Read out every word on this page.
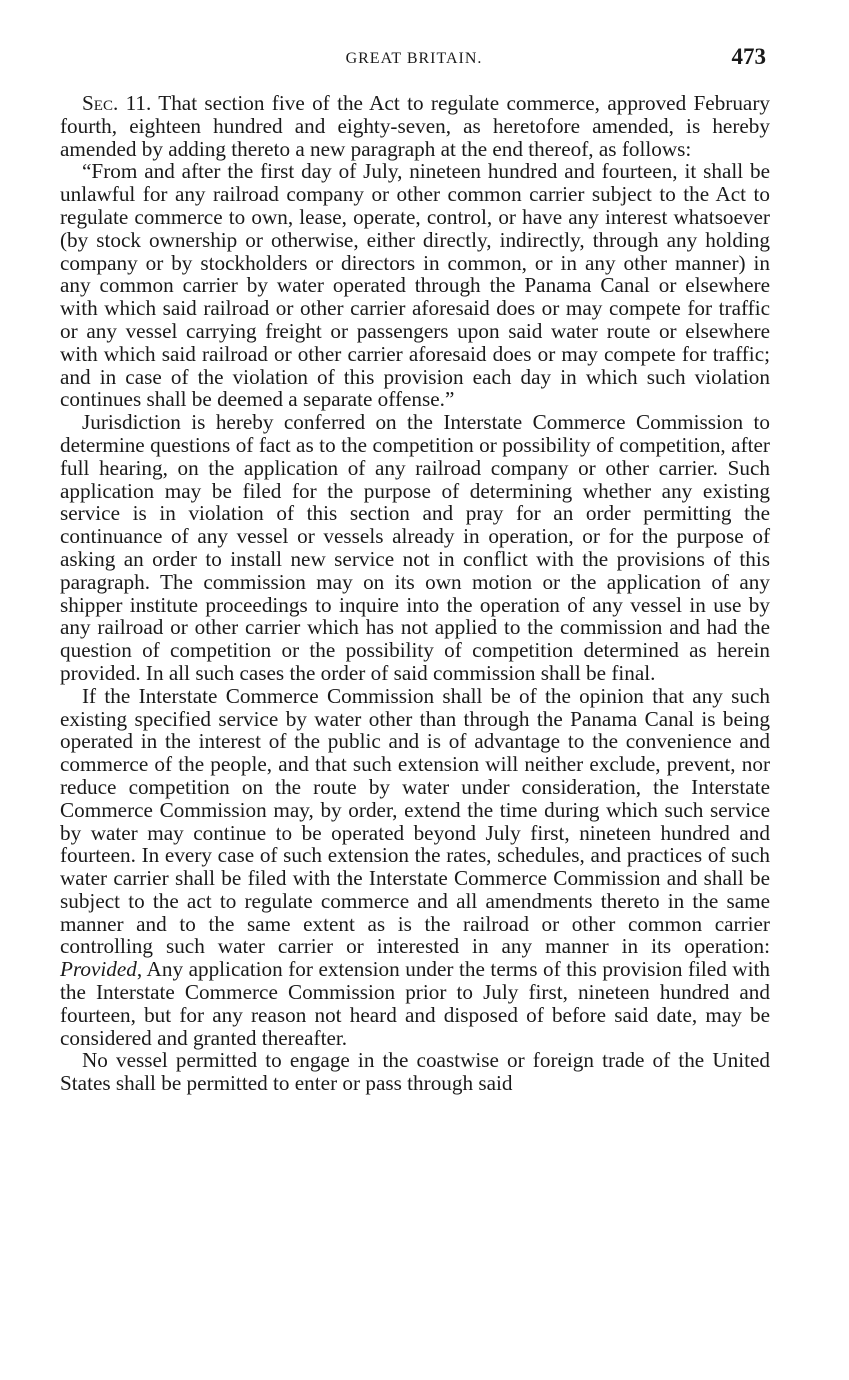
GREAT BRITAIN.	473

Sec. 11. That section five of the Act to regulate commerce, approved February fourth, eighteen hundred and eighty-seven, as heretofore amended, is hereby amended by adding thereto a new paragraph at the end thereof, as follows:

“From and after the first day of July, nineteen hundred and fourteen, it shall be unlawful for any railroad company or other common carrier subject to the Act to regulate commerce to own, lease, operate, control, or have any interest whatsoever (by stock ownership or otherwise, either directly, indirectly, through any holding company or by stockholders or directors in common, or in any other manner) in any common carrier by water operated through the Panama Canal or elsewhere with which said railroad or other carrier aforesaid does or may compete for traffic or any vessel carrying freight or passengers upon said water route or elsewhere with which said railroad or other carrier aforesaid does or may compete for traffic; and in case of the violation of this provision each day in which such violation continues shall be deemed a separate offense.”

Jurisdiction is hereby conferred on the Interstate Commerce Commission to determine questions of fact as to the competition or possibility of competition, after full hearing, on the application of any railroad company or other carrier. Such application may be filed for the purpose of determining whether any existing service is in violation of this section and pray for an order permitting the continuance of any vessel or vessels already in operation, or for the purpose of asking an order to install new service not in conflict with the provisions of this paragraph. The commission may on its own motion or the application of any shipper institute proceedings to inquire into the operation of any vessel in use by any railroad or other carrier which has not applied to the commission and had the question of competition or the possibility of competition determined as herein provided. In all such cases the order of said commission shall be final.

If the Interstate Commerce Commission shall be of the opinion that any such existing specified service by water other than through the Panama Canal is being operated in the interest of the public and is of advantage to the convenience and commerce of the people, and that such extension will neither exclude, prevent, nor reduce competition on the route by water under consideration, the Interstate Commerce Commission may, by order, extend the time during which such service by water may continue to be operated beyond July first, nineteen hundred and fourteen. In every case of such extension the rates, schedules, and practices of such water carrier shall be filed with the Interstate Commerce Commission and shall be subject to the act to regulate commerce and all amendments thereto in the same manner and to the same extent as is the railroad or other common carrier controlling such water carrier or interested in any manner in its operation: Provided, Any application for extension under the terms of this provision filed with the Interstate Commerce Commission prior to July first, nineteen hundred and fourteen, but for any reason not heard and disposed of before said date, may be considered and granted thereafter.

No vessel permitted to engage in the coastwise or foreign trade of the United States shall be permitted to enter or pass through said
